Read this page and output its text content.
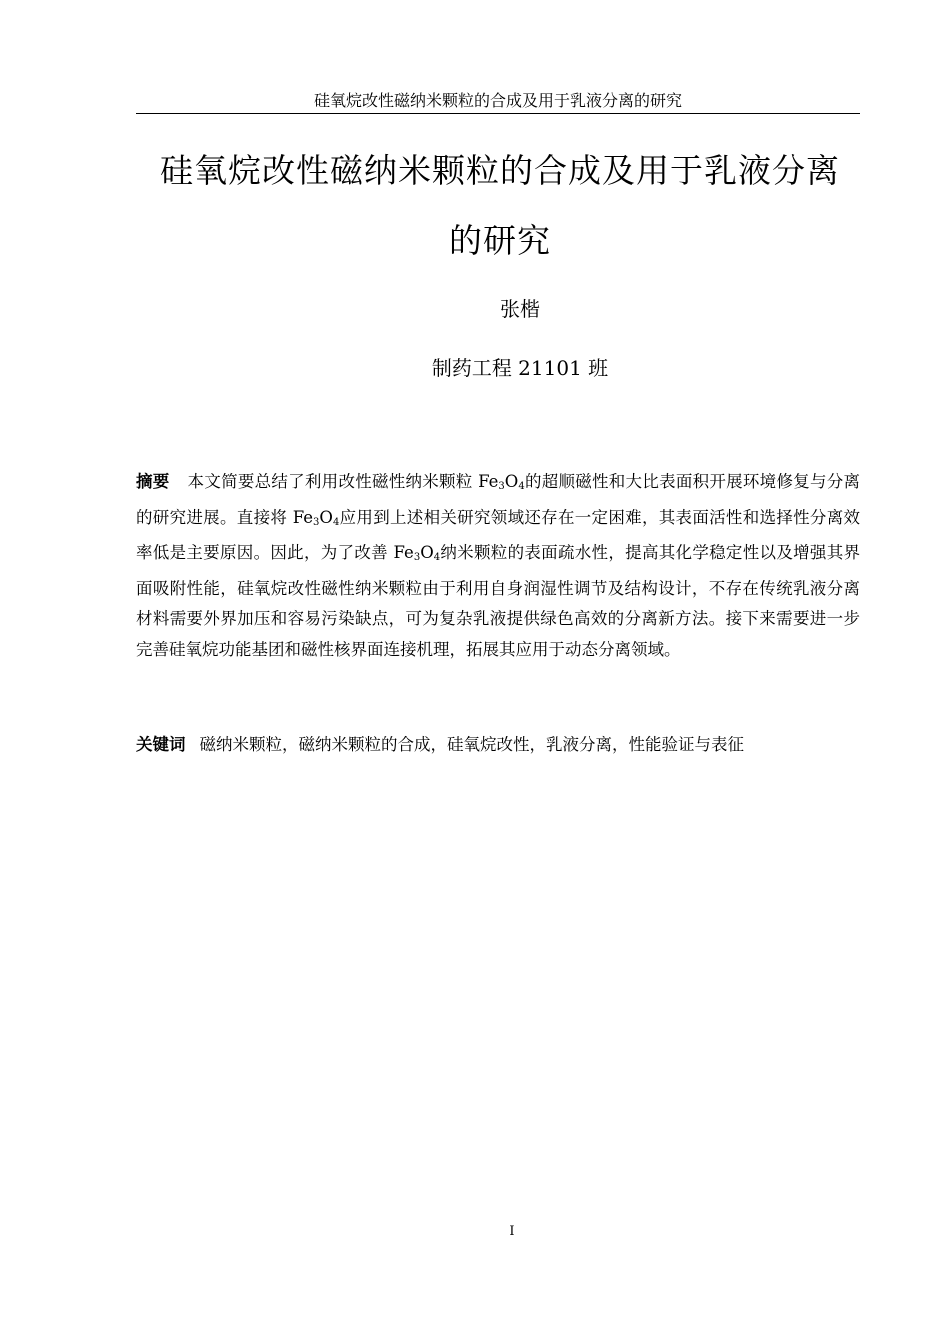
硅氧烷改性磁纳米颗粒的合成及用于乳液分离的研究
硅氧烷改性磁纳米颗粒的合成及用于乳液分离
的研究
张楷
制药工程 21101 班
摘要 本文简要总结了利用改性磁性纳米颗粒 $Fe_3O_4$的超顺磁性和大比表面积开展环境修复与分离的研究进展。直接将 $Fe_3O_4$应用到上述相关研究领域还存在一定困难，其表面活性和选择性分离效率低是主要原因。因此，为了改善 $Fe_3O_4$纳米颗粒的表面疏水性，提高其化学稳定性以及增强其界面吸附性能，硅氧烷改性磁性纳米颗粒由于利用自身润湿性调节及结构设计，不存在传统乳液分离材料需要外界加压和容易污染缺点，可为复杂乳液提供绿色高效的分离新方法。接下来需要进一步完善硅氧烷功能基团和磁性核界面连接机理，拓展其应用于动态分离领域。
关键词 磁纳米颗粒，磁纳米颗粒的合成，硅氧烷改性，乳液分离，性能验证与表征
I
